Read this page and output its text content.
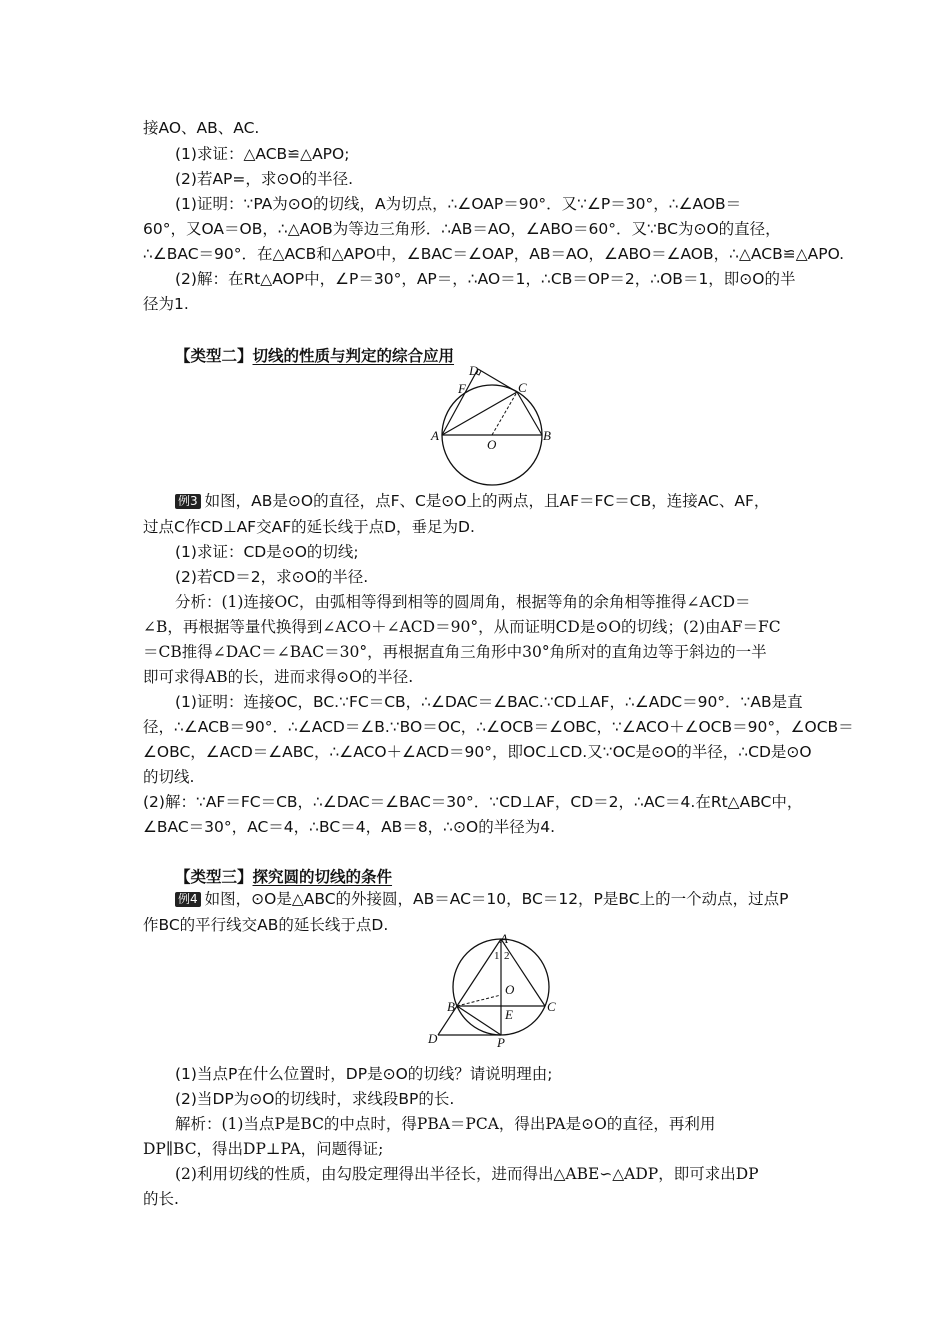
接AO、AB、AC.
(1)求证：△ACB≌△APO;
(2)若AP=，求⊙O的半径.
(1)证明：∵PA为⊙O的切线，A为切点，∴∠OAP＝90°．又∵∠P＝30°，∴∠AOB＝
60°，又OA＝OB，∴△AOB为等边三角形．∴AB＝AO，∠ABO＝60°．又∵BC为⊙O的直径，
∴∠BAC＝90°．在△ACB和△APO中，∠BAC＝∠OAP，AB＝AO，∠ABO＝∠AOB，∴△ACB≌△APO.
(2)解：在Rt△AOP中，∠P＝30°，AP＝，∴AO＝1，∴CB＝OP＝2，∴OB＝1，即⊙O的半
径为1.
【类型二】切线的性质与判定的综合应用
D
F	C
A
O
B
例3 如图，AB是⊙O的直径，点F、C是⊙O上的两点，且AF＝FC＝CB，连接AC、AF，
过点C作CD⊥AF交AF的延长线于点D，垂足为D.
(1)求证：CD是⊙O的切线;
(2)若CD＝2，求⊙O的半径.
分析：(1)连接OC，由弧相等得到相等的圆周角，根据等角的余角相等推得∠ACD＝
∠B，再根据等量代换得到∠ACO＋∠ACD＝90°，从而证明CD是⊙O的切线；(2)由AF＝FC
＝CB推得∠DAC＝∠BAC＝30°，再根据直角三角形中30°角所对的直角边等于斜边的一半
即可求得AB的长，进而求得⊙O的半径.
(1)证明：连接OC，BC.∵FC＝CB，∴∠DAC＝∠BAC.∵CD⊥AF，∴∠ADC＝90°．∵AB是直
径，∴∠ACB＝90°．∴∠ACD＝∠B.∵BO＝OC，∴∠OCB＝∠OBC，∵∠ACO＋∠OCB＝90°，∠OCB＝
∠OBC，∠ACD＝∠ABC，∴∠ACO＋∠ACD＝90°，即OC⊥CD.又∵OC是⊙O的半径，∴CD是⊙O
的切线.
(2)解：∵AF＝FC＝CB，∴∠DAC＝∠BAC＝30°．∵CD⊥AF，CD＝2，∴AC＝4.在Rt△ABC中，
∠BAC＝30°，AC＝4，∴BC＝4，AB＝8，∴⊙O的半径为4.
【类型三】探究圆的切线的条件
例4 如图，⊙O是△ABC的外接圆，AB＝AC＝10，BC＝12，P是BC上的一个动点，过点P
作BC的平行线交AB的延长线于点D.
A
1 2
O
B	C
E
D	P
(1)当点P在什么位置时，DP是⊙O的切线？请说明理由;
(2)当DP为⊙O的切线时，求线段BP的长.
解析：(1)当点P是BC的中点时，得PBA＝PCA，得出PA是⊙O的直径，再利用
DP∥BC，得出DP⊥PA，问题得证;
(2)利用切线的性质，由勾股定理得出半径长，进而得出△ABE∽△ADP，即可求出DP
的长.
